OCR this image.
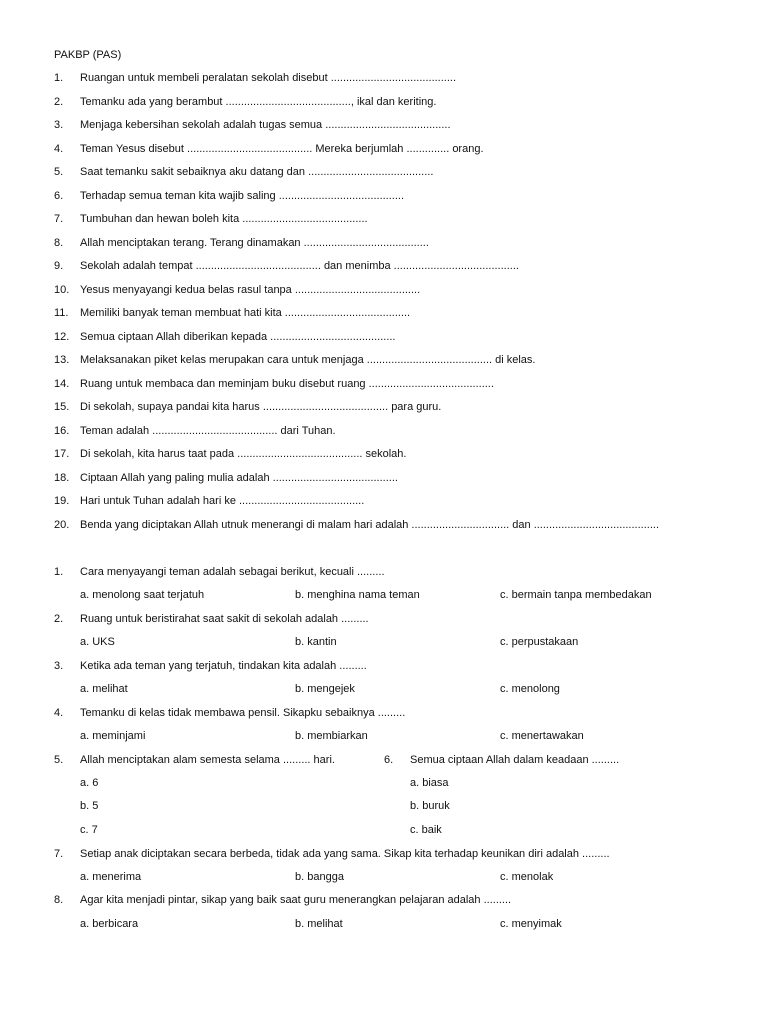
PAKBP (PAS)
1. Ruangan untuk membeli peralatan sekolah disebut .........................................
2. Temanku ada yang berambut ........................................., ikal dan keriting.
3. Menjaga kebersihan sekolah adalah tugas semua .........................................
4. Teman Yesus disebut ......................................... Mereka berjumlah .............. orang.
5. Saat temanku sakit sebaiknya aku datang dan .........................................
6. Terhadap semua teman kita wajib saling .........................................
7. Tumbuhan dan hewan boleh kita .........................................
8. Allah menciptakan terang. Terang dinamakan .........................................
9. Sekolah adalah tempat ......................................... dan menimba .........................................
10. Yesus menyayangi kedua belas rasul tanpa .........................................
11. Memiliki banyak teman membuat hati kita .........................................
12. Semua ciptaan Allah diberikan kepada .........................................
13. Melaksanakan piket kelas merupakan cara untuk menjaga ......................................... di kelas.
14. Ruang untuk membaca dan meminjam buku disebut ruang .........................................
15. Di sekolah, supaya pandai kita harus ......................................... para guru.
16. Teman adalah ......................................... dari Tuhan.
17. Di sekolah, kita harus taat pada ......................................... sekolah.
18. Ciptaan Allah yang paling mulia adalah .........................................
19. Hari untuk Tuhan adalah hari ke .........................................
20. Benda yang diciptakan Allah utnuk menerangi di malam hari adalah ................................ dan .........................................
1. Cara menyayangi teman adalah sebagai berikut, kecuali .........
a. menolong saat terjatuh	b. menghina nama teman	c. bermain tanpa membedakan
2. Ruang untuk beristirahat saat sakit di sekolah adalah .........
a. UKS	b. kantin	c. perpustakaan
3. Ketika ada teman yang terjatuh, tindakan kita adalah .........
a. melihat	b. mengejek	c. menolong
4. Temanku di kelas tidak membawa pensil. Sikapku sebaiknya .........
a. meminjami	b. membiarkan	c. menertawakan
5. Allah menciptakan alam semesta selama ......... hari.	6. Semua ciptaan Allah dalam keadaan .........
a. 6	a. biasa
b. 5	b. buruk
c. 7	c. baik
7. Setiap anak diciptakan secara berbeda, tidak ada yang sama. Sikap kita terhadap keunikan diri adalah .........
a. menerima	b. bangga	c. menolak
8. Agar kita menjadi pintar, sikap yang baik saat guru menerangkan pelajaran adalah .........
a. berbicara	b. melihat	c. menyimak
